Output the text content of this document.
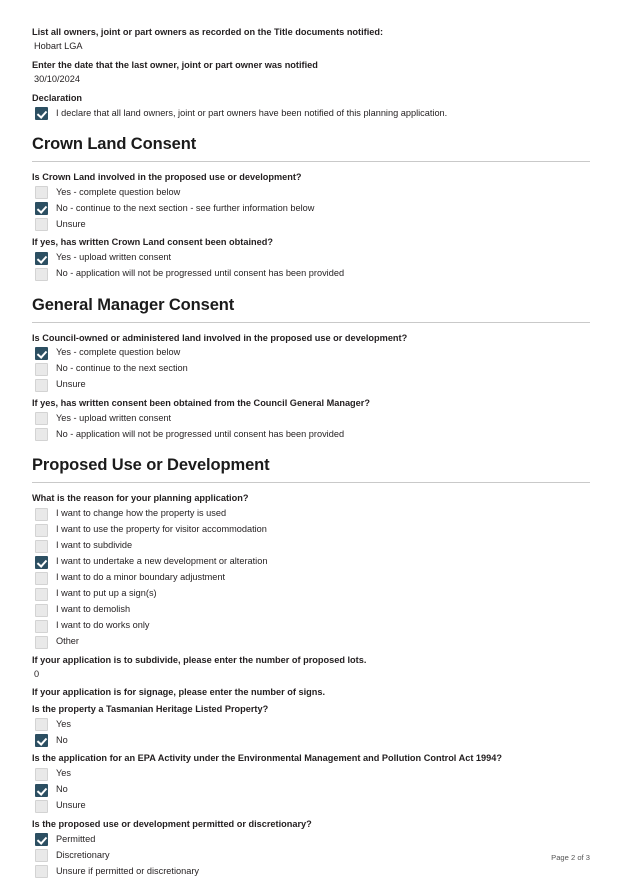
List all owners, joint or part owners as recorded on the Title documents notified:
Hobart LGA
Enter the date that the last owner, joint or part owner was notified
30/10/2024
Declaration
I declare that all land owners, joint or part owners have been notified of this planning application.
Crown Land Consent
Is Crown Land involved in the proposed use or development?
Yes - complete question below
No - continue to the next section - see further information below
Unsure
If yes, has written Crown Land consent been obtained?
Yes - upload written consent
No - application will not be progressed until consent has been provided
General Manager Consent
Is Council-owned or administered land involved in the proposed use or development?
Yes - complete question below
No - continue to the next section
Unsure
If yes, has written consent been obtained from the Council General Manager?
Yes - upload written consent
No - application will not be progressed until consent has been provided
Proposed Use or Development
What is the reason for your planning application?
I want to change how the property is used
I want to use the property for visitor accommodation
I want to subdivide
I want to undertake a new development or alteration
I want to do a minor boundary adjustment
I want to put up a sign(s)
I want to demolish
I want to do works only
Other
If your application is to subdivide, please enter the number of proposed lots.
0
If your application is for signage, please enter the number of signs.
Is the property a Tasmanian Heritage Listed Property?
Yes
No
Is the application for an EPA Activity under the Environmental Management and Pollution Control Act 1994?
Yes
No
Unsure
Is the proposed use or development permitted or discretionary?
Permitted
Discretionary
Unsure if permitted or discretionary
Page 2 of 3
